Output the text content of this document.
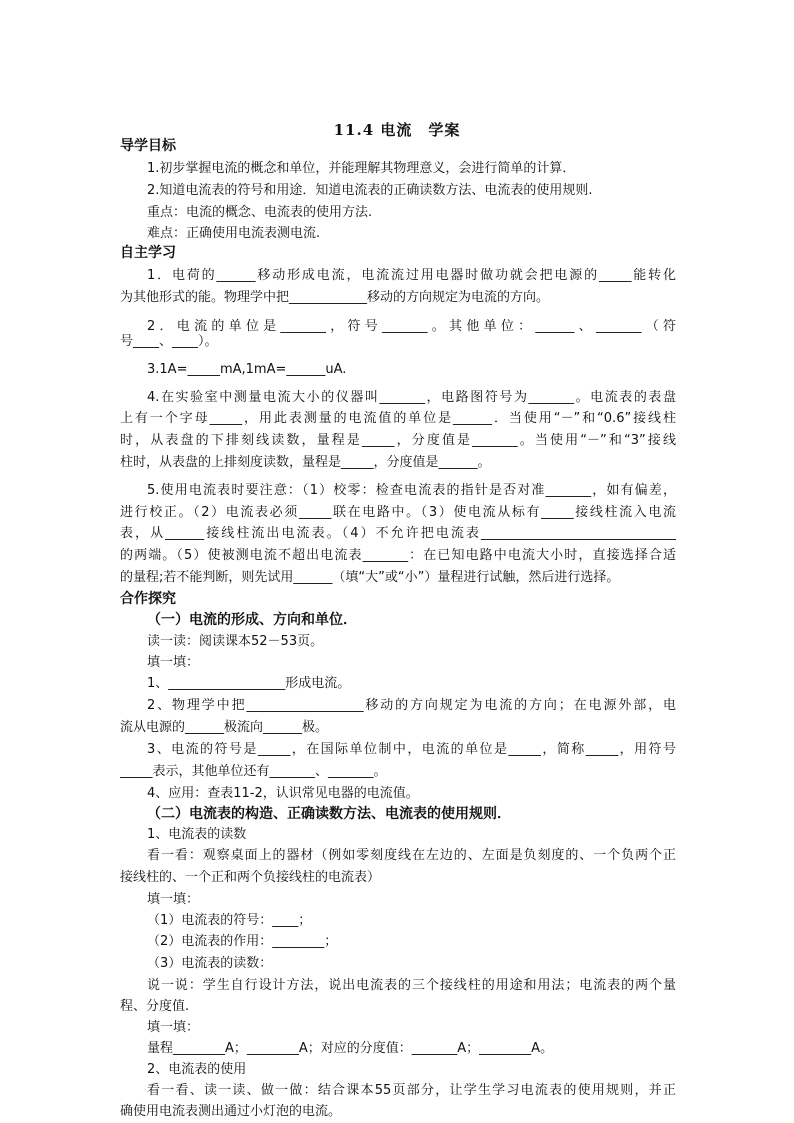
11.4 电流　学案
导学目标
1.初步掌握电流的概念和单位，并能理解其物理意义，会进行简单的计算．
2.知道电流表的符号和用途．知道电流表的正确读数方法、电流表的使用规则.
重点：电流的概念、电流表的使用方法.
难点：正确使用电流表测电流.
自主学习
1．电荷的______移动形成电流，电流流过用电器时做功就会把电源的_____能转化
为其他形式的能。物理学中把____________移动的方向规定为电流的方向。
2．电流的单位是_______，符号_______。其他单位：______、_______（符
号____、____）。
3.1A=_____mA,1mA=______uA.
4.在实验室中测量电流大小的仪器叫_______，电路图符号为_______。电流表的表盘
上有一个字母_____，用此表测量的电流值的单位是______．当使用“－”和“0.6”接线柱
时，从表盘的下排刻线读数，量程是_____，分度值是_______。当使用“－”和“3”接线
柱时，从表盘的上排刻度读数，量程是_____，分度值是______。
5.使用电流表时要注意：（1）校零：检查电流表的指针是否对准_______，如有偏差，
进行校正。（2）电流表必须_____联在电路中。（3）使电流从标有_____接线柱流入电流
表，从______接线柱流出电流表。（4）不允许把电流表______________________________
的两端。（5）使被测电流不超出电流表_______：在已知电路中电流大小时，直接选择合适
的量程;若不能判断，则先试用______（填“大”或“小”）量程进行试触，然后进行选择。
合作探究
（一）电流的形成、方向和单位．
读一读：阅读课本52－53页。
填一填：
1、__________________形成电流。
2、物理学中把__________________移动的方向规定为电流的方向；在电源外部，电
流从电源的______极流向______极。
3、电流的符号是_____，在国际单位制中，电流的单位是_____，简称_____，用符号
_____表示，其他单位还有_______、_______。
4、应用：查表11-2，认识常见电器的电流值。
（二）电流表的构造、正确读数方法、电流表的使用规则．
1、电流表的读数
看一看：观察桌面上的器材（例如零刻度线在左边的、左面是负刻度的、一个负两个正
接线柱的、一个正和两个负接线柱的电流表）
填一填：
（1）电流表的符号：____；
（2）电流表的作用：________；
（3）电流表的读数：
说一说：学生自行设计方法，说出电流表的三个接线柱的用途和用法；电流表的两个量
程、分度值.
填一填：
量程________A；________A；对应的分度值：_______A；________A。
2、电流表的使用
看一看、读一读、做一做：结合课本55页部分，让学生学习电流表的使用规则，并正
确使用电流表测出通过小灯泡的电流。
